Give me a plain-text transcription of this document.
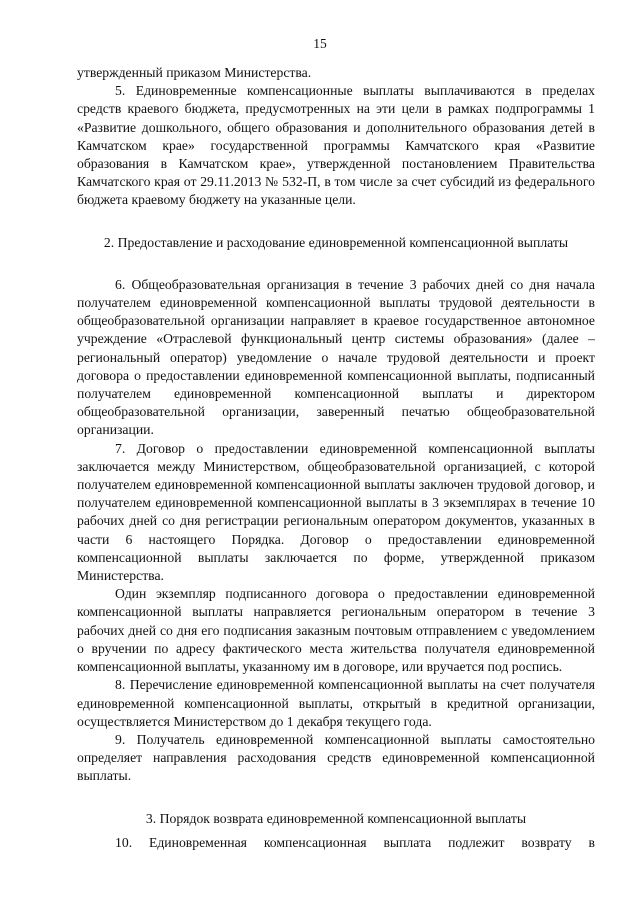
15

утвержденный приказом Министерства.

5. Единовременные компенсационные выплаты выплачиваются в пределах средств краевого бюджета, предусмотренных на эти цели в рамках подпрограммы 1 «Развитие дошкольного, общего образования и дополнительного образования детей в Камчатском крае» государственной программы Камчатского края «Развитие образования в Камчатском крае», утвержденной постановлением Правительства Камчатского края от 29.11.2013 № 532-П, в том числе за счет субсидий из федерального бюджета краевому бюджету на указанные цели.

2. Предоставление и расходование единовременной компенсационной выплаты

6. Общеобразовательная организация в течение 3 рабочих дней со дня начала получателем единовременной компенсационной выплаты трудовой деятельности в общеобразовательной организации направляет в краевое государственное автономное учреждение «Отраслевой функциональный центр системы образования» (далее – региональный оператор) уведомление о начале трудовой деятельности и проект договора о предоставлении единовременной компенсационной выплаты, подписанный получателем единовременной компенсационной выплаты и директором общеобразовательной организации, заверенный печатью общеобразовательной организации.

7. Договор о предоставлении единовременной компенсационной выплаты заключается между Министерством, общеобразовательной организацией, с которой получателем единовременной компенсационной выплаты заключен трудовой договор, и получателем единовременной компенсационной выплаты в 3 экземплярах в течение 10 рабочих дней со дня регистрации региональным оператором документов, указанных в части 6 настоящего Порядка. Договор о предоставлении единовременной компенсационной выплаты заключается по форме, утвержденной приказом Министерства.

Один экземпляр подписанного договора о предоставлении единовременной компенсационной выплаты направляется региональным оператором в течение 3 рабочих дней со дня его подписания заказным почтовым отправлением с уведомлением о вручении по адресу фактического места жительства получателя единовременной компенсационной выплаты, указанному им в договоре, или вручается под роспись.

8. Перечисление единовременной компенсационной выплаты на счет получателя единовременной компенсационной выплаты, открытый в кредитной организации, осуществляется Министерством до 1 декабря текущего года.

9. Получатель единовременной компенсационной выплаты самостоятельно определяет направления расходования средств единовременной компенсационной выплаты.

3. Порядок возврата единовременной компенсационной выплаты

10. Единовременная компенсационная выплата подлежит возврату в
